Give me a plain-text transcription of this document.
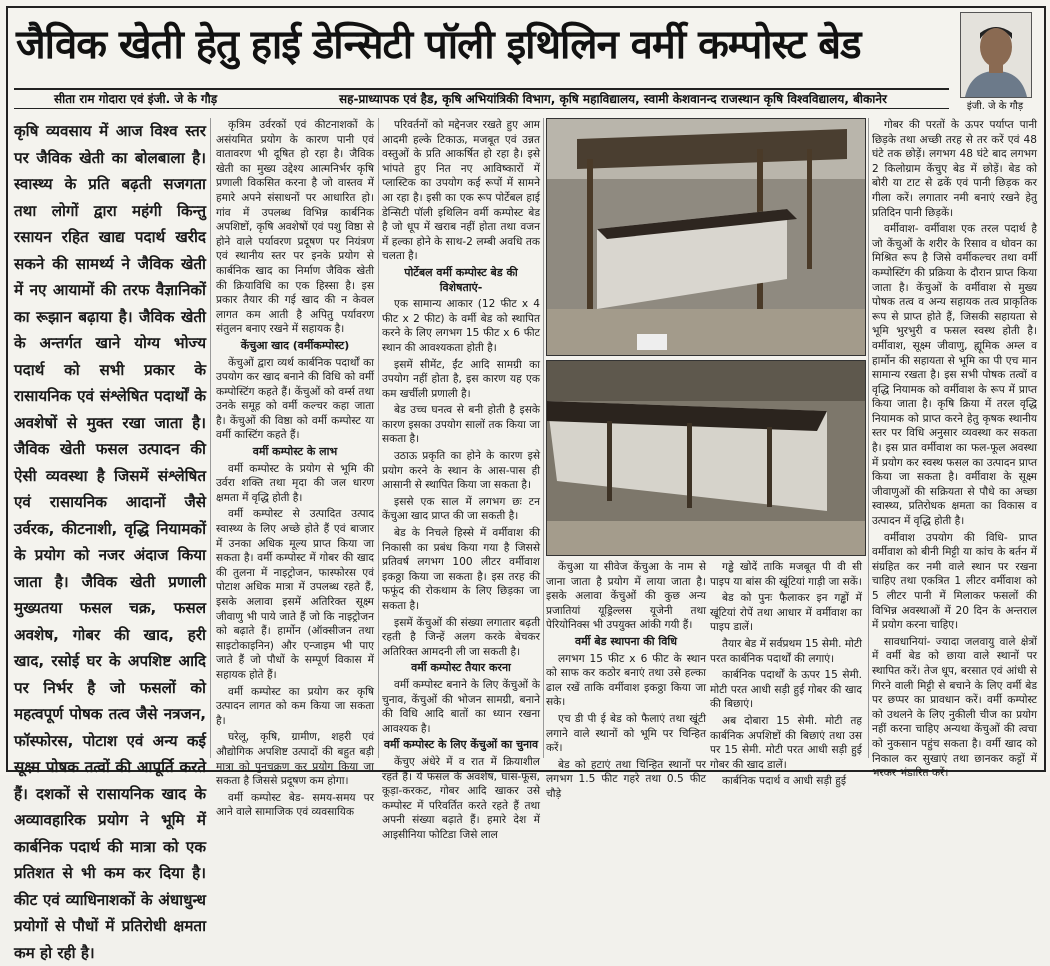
जैविक खेती हेतु हाई डेन्सिटी पॉली इथिलिन वर्मी कम्पोस्ट बेड
इंजी. जे के गौड़
सीता राम गोदारा एवं इंजी. जे के गौड़	सह-प्राध्यापक एवं हैड, कृषि अभियांत्रिकी विभाग, कृषि महाविद्यालय, स्वामी केशवानन्द राजस्थान कृषि विश्वविद्यालय, बीकानेर
कृषि व्यवसाय में आज विश्व स्तर पर जैविक खेती का बोलबाला है। स्वास्थ्य के प्रति बढ़ती सजगता तथा लोगों द्वारा महंगी किन्तु रसायन रहित खाद्य पदार्थ खरीद सकने की सामर्थ्य ने जैविक खेती में नए आयामों की तरफ वैज्ञानिकों का रूझान बढ़ाया है। जैविक खेती के अन्तर्गत खाने योग्य भोज्य पदार्थ को सभी प्रकार के रासायनिक एवं संश्लेषित पदार्थों के अवशेषों से मुक्त रखा जाता है। जैविक खेती फसल उत्पादन की ऐसी व्यवस्था है जिसमें संश्लेषित एवं रासायनिक आदानों जैसे उर्वरक, कीटनाशी, वृद्धि नियामकों के प्रयोग को नजर अंदाज किया जाता है। जैविक खेती प्रणाली मुख्यतया फसल चक्र, फसल अवशेष, गोबर की खाद, हरी खाद, रसोई घर के अपशिष्ट आदि पर निर्भर है जो फसलों को महत्वपूर्ण पोषक तत्व जैसे नत्रजन, फॉस्फोरस, पोटाश एवं अन्य कई सूक्ष्म पोषक तत्वों की आपूर्ति करते हैं। दशकों से रासायनिक खाद के अव्यावहारिक प्रयोग ने भूमि में कार्बनिक पदार्थ की मात्रा को एक प्रतिशत से भी कम कर दिया है। कीट एवं व्याधिनाशकों के अंधाधुन्ध प्रयोगों से पौधों में प्रतिरोधी क्षमता कम हो रही है।

कृत्रिम उर्वरकों एवं कीटनाशकों के असंयमित प्रयोग के कारण पानी एवं वातावरण भी दूषित हो रहा है। जैविक खेती का मुख्य उद्देश्य आत्मनिर्भर कृषि प्रणाली विकसित करना है जो वास्तव में हमारे अपने संसाधनों पर आधारित हो। गांव में उपलब्ध विभिन्न कार्बनिक अपशिष्टों, कृषि अवशेषों एवं पशु विष्ठा से होने वाले पर्यावरण प्रदूषण पर नियंत्रण एवं स्थानीय स्तर पर इनके प्रयोग से कार्बनिक खाद का निर्माण जैविक खेती की क्रियाविधि का एक हिस्सा है। इस प्रकार तैयार की गई खाद की न केवल लागत कम आती है अपितु पर्यावरण संतुलन बनाए रखने में सहायक है।

केंचुआ खाद (वर्मीकम्पोस्ट)

केंचुओं द्वारा व्यर्थ कार्बनिक पदार्थों का उपयोग कर खाद बनाने की विधि को वर्मी कम्पोस्टिंग कहते हैं। केंचुओं को वर्म्स तथा उनके समूह को वर्मी कल्चर कहा जाता है। केंचुओं की विष्ठा को वर्मी कम्पोस्ट या वर्मी कास्टिंग कहते हैं।

वर्मी कम्पोस्ट के लाभ

वर्मी कम्पोस्ट के प्रयोग से भूमि की उर्वरा शक्ति तथा मृदा की जल धारण क्षमता में वृद्धि होती है।

वर्मी कम्पोस्ट से उत्पादित उत्पाद स्वास्थ्य के लिए अच्छे होते हैं एवं बाजार में उनका अधिक मूल्य प्राप्त किया जा सकता है। वर्मी कम्पोस्ट में गोबर की खाद की तुलना में नाइट्रोजन, फास्फोरस एवं पोटाश अधिक मात्रा में उपलब्ध रहते हैं, इसके अलावा इसमें अतिरिक्त सूक्ष्म जीवाणु भी पाये जाते हैं जो कि नाइट्रोजन को बढ़ाते हैं। हार्मोन (ऑक्सीजन तथा साइटोकाइनिन) और एन्जाइम भी पाए जाते हैं जो पौधों के सम्पूर्ण विकास में सहायक होते हैं।

वर्मी कम्पोस्ट का प्रयोग कर कृषि उत्पादन लागत को कम किया जा सकता है।

घरेलू, कृषि, ग्रामीण, शहरी एवं औद्योगिक अपशिष्ट उत्पादों की बहुत बड़ी मात्रा को पुनचक्रण कर प्रयोग किया जा सकता है जिससे प्रदूषण कम होगा।

वर्मी कम्पोस्ट बेड- समय-समय पर आने वाले सामाजिक एवं व्यवसायिक

परिवर्तनों को मद्देनजर रखते हुए आम आदमी हल्के टिकाऊ, मजबूत एवं उन्नत वस्तुओं के प्रति आकर्षित हो रहा है। इसे भांपते हुए नित नए आविष्कारों में प्लास्टिक का उपयोग कई रूपों में सामने आ रहा है। इसी का एक रूप पोर्टेबल हाई डेन्सिटी पॉली इथिलिन वर्मी कम्पोस्ट बेड है जो धूप में खराब नहीं होता तथा वजन में हल्का होने के साथ-2 लम्बी अवधि तक चलता है।

पोर्टेबल वर्मी कम्पोस्ट बेड की विशेषताएं-

एक सामान्य आकार (12 फीट x 4 फीट x 2 फीट) के वर्मी बेड को स्थापित करने के लिए लगभग 15 फीट x 6 फीट स्थान की आवश्यकता होती है।

इसमें सीमेंट, ईंट आदि सामग्री का उपयोग नहीं होता है, इस कारण यह एक कम खर्चीली प्रणाली है।

बेड उच्च घनत्व से बनी होती है इसके कारण इसका उपयोग सालों तक किया जा सकता है।

उठाऊ प्रकृति का होने के कारण इसे प्रयोग करने के स्थान के आस-पास ही आसानी से स्थापित किया जा सकता है।

इससे एक साल में लगभग छः टन केंचुआ खाद प्राप्त की जा सकती है।

बेड के निचले हिस्से में वर्मीवाश की निकासी का प्रबंध किया गया है जिससे प्रतिवर्ष लगभग 100 लीटर वर्मीवाश इकठ्ठा किया जा सकता है। इस तरह की फफूंद की रोकथाम के लिए छिड़का जा सकता है।

इसमें केंचुओं की संख्या लगातार बढ़ती रहती है जिन्हें अलग करके बेचकर अतिरिक्त आमदनी ली जा सकती है।

वर्मी कम्पोस्ट तैयार करना

वर्मी कम्पोस्ट बनाने के लिए केंचुओं के चुनाव, केंचुओं की भोजन सामग्री, बनाने की विधि आदि बातों का ध्यान रखना आवश्यक है।

वर्मी कम्पोस्ट के लिए केंचुओं का चुनाव

केंचुए अंधेरे में व रात में क्रियाशील रहते हैं। ये फसल के अवशेष, घास-फूस, कूड़ा-करकट, गोबर आदि खाकर उसे कम्पोस्ट में परिवर्तित करते रहते हैं तथा अपनी संख्या बढ़ाते हैं। हमारे देश में आइसीनिया फोटिडा जिसे लाल

केंचुआ या सीवेज केंचुआ के नाम से जाना जाता है प्रयोग में लाया जाता है। इसके अलावा केंचुओं की कुछ अन्य प्रजातियां यूड्रिल्लस यूजेनी तथा पेरियोनिक्स भी उपयुक्त आंकी गयी हैं।

वर्मी बेड स्थापना की विधि

लगभग 15 फीट x 6 फीट के स्थान को साफ कर कठोर बनाएं तथा उसे हल्का ढाल रखें ताकि वर्मीवाश इकठ्ठा किया जा सके।

एच डी पी ई बेड को फैलाएं तथा खूंटी लगाने वाले स्थानों को भूमि पर चिन्हित करें।

बेड को हटाएं तथा चिन्हित स्थानों पर लगभग 1.5 फीट गहरे तथा 0.5 फीट चौड़े

गड्ढे खोदें ताकि मजबूत पी वी सी पाइप या बांस की खूंटियां गाड़ी जा सकें।

बेड को पुनः फैलाकर इन गड्ढों में खूंटियां रोपें तथा आधार में वर्मीवाश का पाइप डालें।

तैयार बेड में सर्वप्रथम 15 सेमी. मोटी परत कार्बनिक पदार्थों की लगाएं।

कार्बनिक पदार्थों के ऊपर 15 सेमी. मोटी परत आधी सड़ी हुई गोबर की खाद की बिछाएं।

अब दोबारा 15 सेमी. मोटी तह कार्बनिक अपशिष्टों की बिछाएं तथा उस पर 15 सेमी. मोटी परत आधी सड़ी हुई गोबर की खाद डालें।

कार्बनिक पदार्थ व आधी सड़ी हुई

गोबर की परतों के ऊपर पर्याप्त पानी छिड़के तथा अच्छी तरह से तर करें एवं 48 घंटे तक छोड़ें। लगभग 48 घंटे बाद लगभग 2 किलोग्राम केंचुए बेड में छोड़ें। बेड को बोरी या टाट से ढकें एवं पानी छिड़क कर गीला करें। लगातार नमी बनाएं रखने हेतु प्रतिदिन पानी छिड़कें।

वर्मीवाश- वर्मीवाश एक तरल पदार्थ है जो केंचुओं के शरीर के रिसाव व धोवन का मिश्रित रूप है जिसे वर्मीकल्चर तथा वर्मी कम्पोस्टिंग की प्रक्रिया के दौरान प्राप्त किया जाता है। केंचुओं के वर्मीवाश से मुख्य पोषक तत्व व अन्य सहायक तत्व प्राकृतिक रूप से प्राप्त होते हैं, जिसकी सहायता से भूमि भुरभुरी व फसल स्वस्थ होती है। वर्मीवाश, सूक्ष्म जीवाणु, ह्यूमिक अम्ल व हार्मोन की सहायता से भूमि का पी एच मान सामान्य रखता है। इस सभी पोषक तत्वों व वृद्धि नियामक को वर्मीवाश के रूप में प्राप्त किया जाता है। कृषि क्रिया में तरल वृद्धि नियामक को प्राप्त करने हेतु कृषक स्थानीय स्तर पर विधि अनुसार व्यवस्था कर सकता है। इस प्रात वर्मीवाश का फल-फूल अवस्था में प्रयोग कर स्वस्थ फसल का उत्पादन प्राप्त किया जा सकता है। वर्मीवाश के सूक्ष्म जीवाणुओं की सक्रियता से पौधे का अच्छा स्वास्थ्य, प्रतिरोधक क्षमता का विकास व उत्पादन में वृद्धि होती है।

वर्मीवाश उपयोग की विधि- प्राप्त वर्मीवाश को बीनी मिट्टी या कांच के बर्तन में संग्रहित कर नमी वाले स्थान पर रखना चाहिए तथा एकत्रित 1 लीटर वर्मीवाश को 5 लीटर पानी में मिलाकर फसलों की विभिन्न अवस्थाओं में 20 दिन के अन्तराल में प्रयोग करना चाहिए।

सावधानियां- ज्यादा जलवायु वाले क्षेत्रों में वर्मी बेड को छाया वाले स्थानों पर स्थापित करें। तेज धूप, बरसात एवं आंधी से गिरने वाली मिट्टी से बचाने के लिए वर्मी बेड पर छप्पर का प्रावधान करें। वर्मी कम्पोस्ट को उथलने के लिए नुकीली चीज का प्रयोग नहीं करना चाहिए अन्यथा केंचुओं की त्वचा को नुकसान पहुंच सकता है। वर्मी खाद को निकाल कर सुखाएं तथा छानकर कट्टों में भरकर भंडारित करें।
